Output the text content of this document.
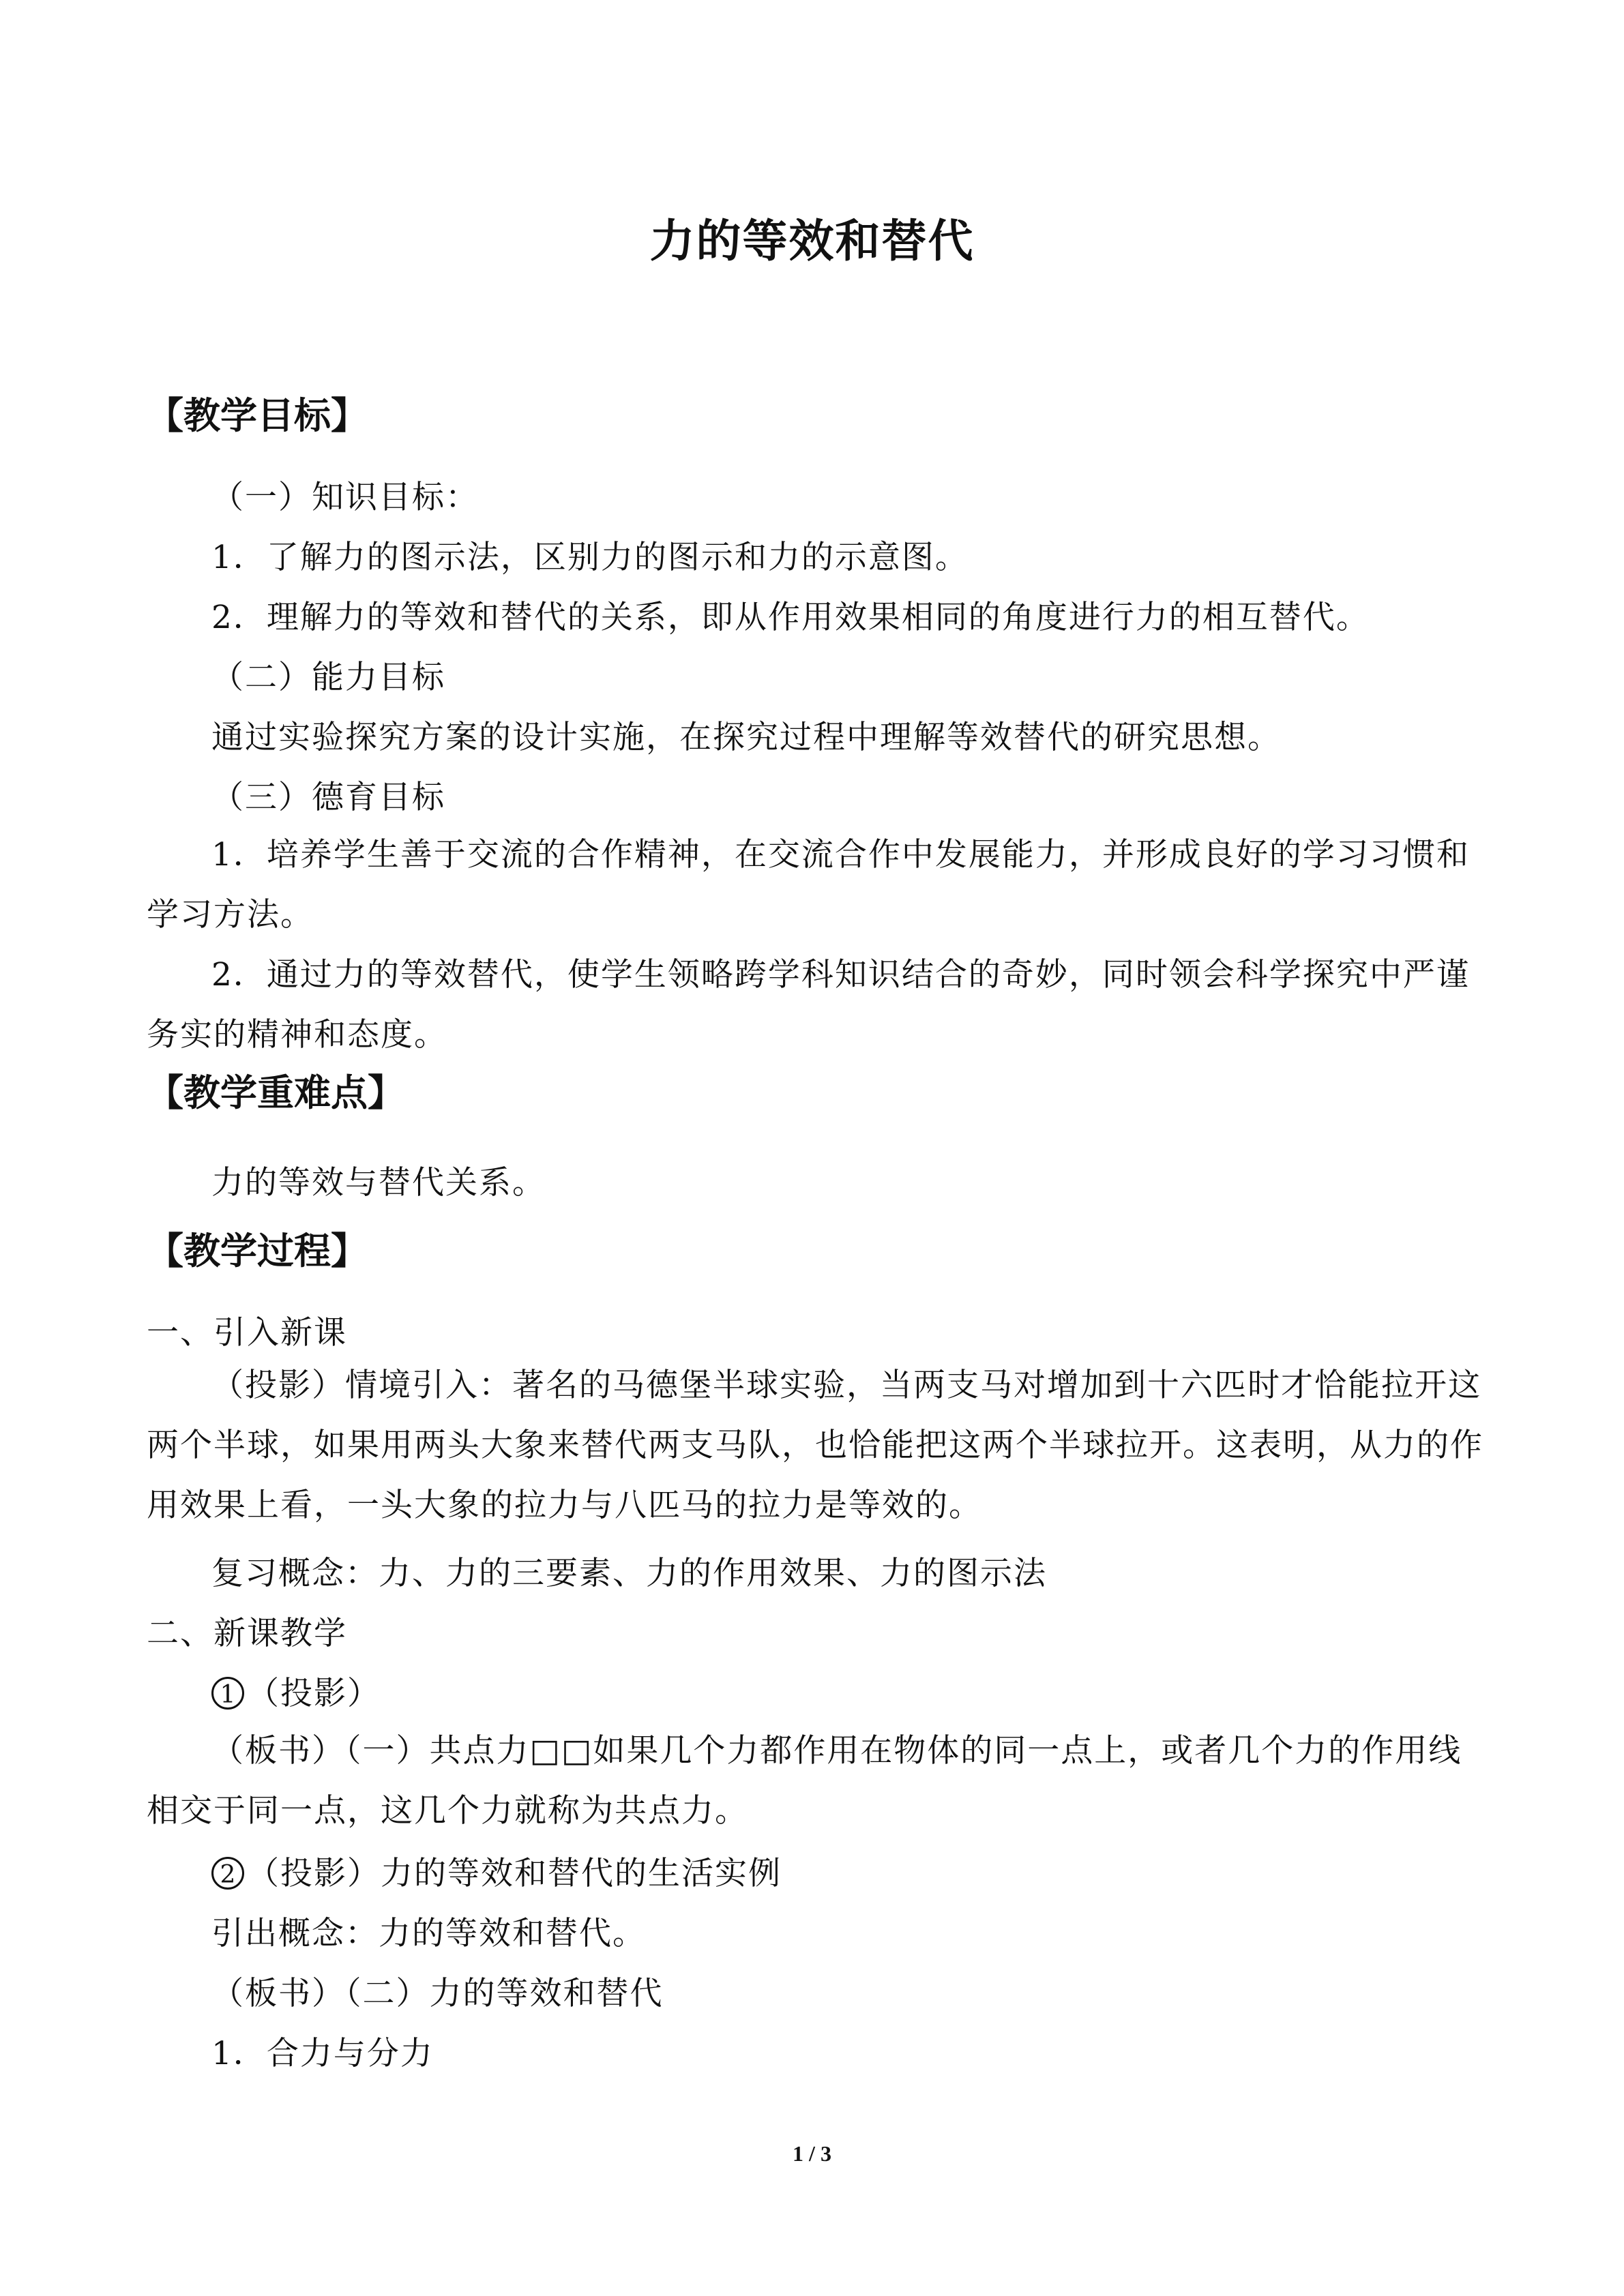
力的等效和替代
【教学目标】
（一）知识目标：
1．了解力的图示法，区别力的图示和力的示意图。
2．理解力的等效和替代的关系，即从作用效果相同的角度进行力的相互替代。
（二）能力目标
通过实验探究方案的设计实施，在探究过程中理解等效替代的研究思想。
（三）德育目标
1．培养学生善于交流的合作精神，在交流合作中发展能力，并形成良好的学习习惯和学习方法。
2．通过力的等效替代，使学生领略跨学科知识结合的奇妙，同时领会科学探究中严谨务实的精神和态度。
【教学重难点】
力的等效与替代关系。
【教学过程】
一、引入新课
（投影）情境引入：著名的马德堡半球实验，当两支马对增加到十六匹时才恰能拉开这两个半球，如果用两头大象来替代两支马队，也恰能把这两个半球拉开。这表明，从力的作用效果上看，一头大象的拉力与八匹马的拉力是等效的。
复习概念：力、力的三要素、力的作用效果、力的图示法
二、新课教学
1 （投影）
（板书）（一）共点力□□如果几个力都作用在物体的同一点上，或者几个力的作用线相交于同一点，这几个力就称为共点力。
2 （投影）力的等效和替代的生活实例
引出概念：力的等效和替代。
（板书）（二）力的等效和替代
1．合力与分力
1 / 3
